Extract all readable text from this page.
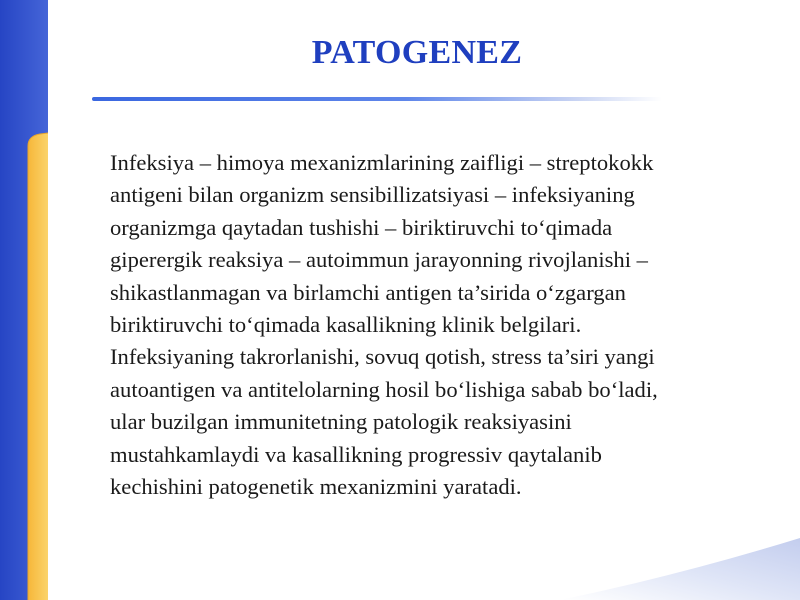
PATOGENEZ

Infeksiya – himoya mexanizmlarining zaifligi – streptokokk
antigeni bilan organizm sensibillizatsiyasi – infeksiyaning
organizmga qaytadan tushishi – biriktiruvchi to‘qimada
giperergik reaksiya – autoimmun jarayonning rivojlanishi –
shikastlanmagan va birlamchi antigen ta’sirida o‘zgargan
biriktiruvchi to‘qimada kasallikning klinik belgilari.
Infeksiyaning takrorlanishi, sovuq qotish, stress ta’siri yangi
autoantigen va antitelolarning hosil bo‘lishiga sabab bo‘ladi,
ular buzilgan immunitetning patologik reaksiyasini
mustahkamlaydi va kasallikning progressiv qaytalanib
kechishini patogenetik mexanizmini yaratadi.
